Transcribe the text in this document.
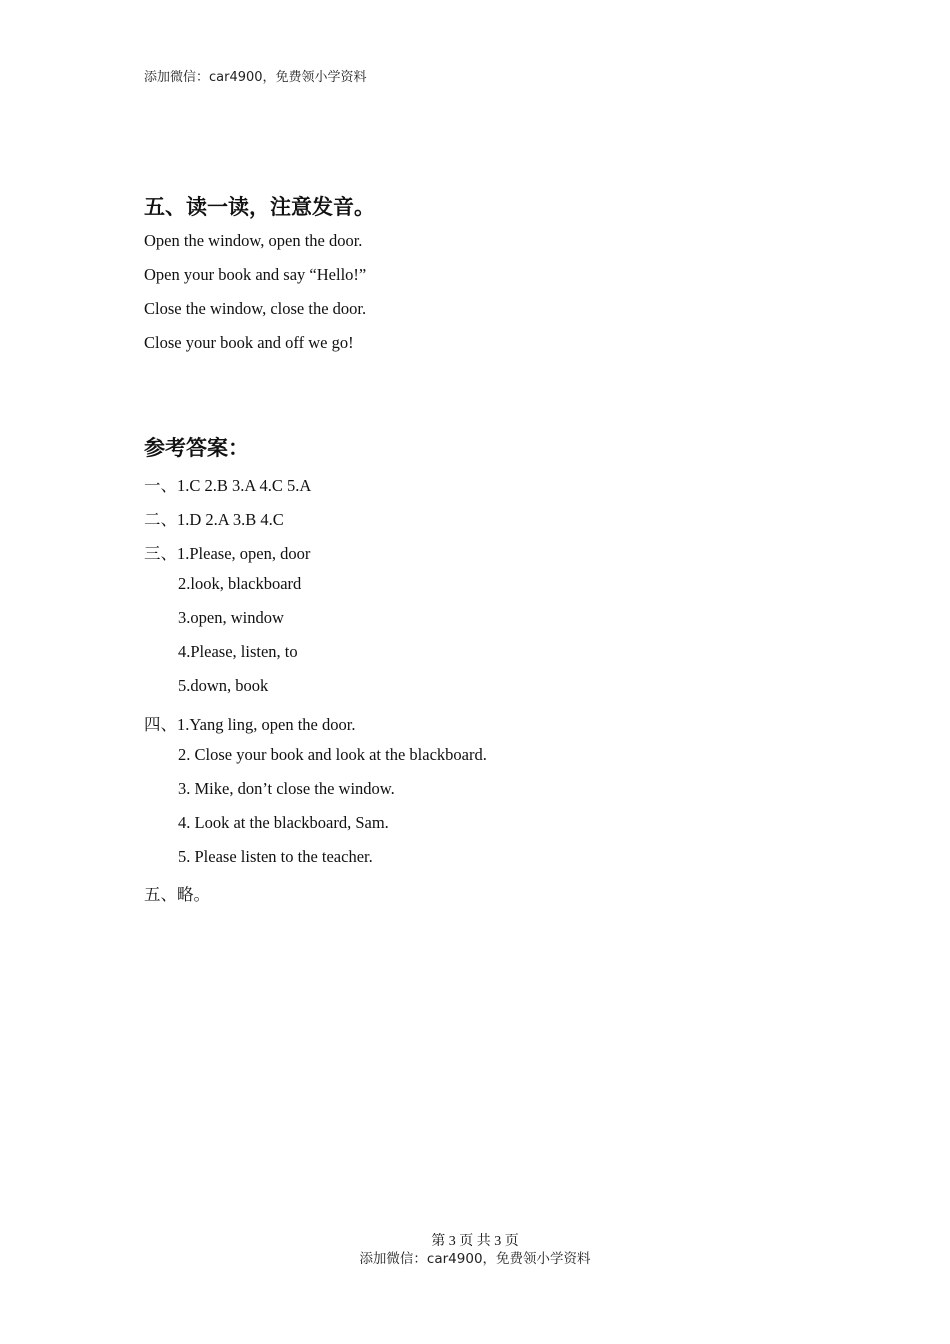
添加微信：car4900，免费领小学资料
五、读一读，注意发音。
Open the window, open the door.
Open your book and say “Hello!”
Close the window, close the door.
Close your book and off we go!
参考答案：
一、1.C 2.B 3.A 4.C 5.A
二、1.D 2.A 3.B 4.C
三、1.Please, open, door
2.look, blackboard
3.open, window
4.Please, listen, to
5.down, book
四、1.Yang ling, open the door.
2. Close your book and look at the blackboard.
3. Mike, don’t close the window.
4. Look at the blackboard, Sam.
5. Please listen to the teacher.
五、略。
第 3 页 共 3 页
添加微信：car4900，免费领小学资料
